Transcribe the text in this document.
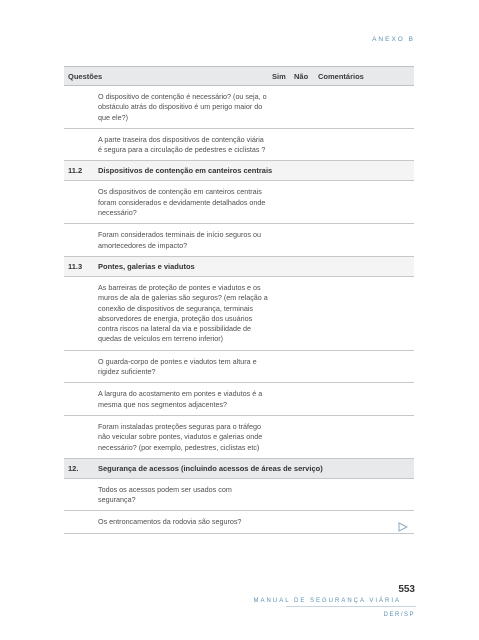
ANEXO B
Questões	Sim Não Comentários
O dispositivo de contenção é necessário? (ou seja, o obstáculo atrás do dispositivo é um perigo maior do que ele?)
A parte traseira dos dispositivos de contenção viária é segura para a circulação de pedestres e ciclistas ?
11.2 Dispositivos de contenção em canteiros centrais
Os dispositivos de contenção em canteiros centrais foram considerados e devidamente detalhados onde necessário?
Foram considerados terminais de início seguros ou amortecedores de impacto?
11.3 Pontes, galerias e viadutos
As barreiras de proteção de pontes e viadutos e os muros de ala de galerias são seguros? (em relação a conexão de dispositivos de segurança, terminais absorvedores de energia, proteção dos usuários contra riscos na lateral da via e possibilidade de quedas de veículos em terreno inferior)
O guarda-corpo de pontes e viadutos tem altura e rigidez suficiente?
A largura do acostamento em pontes e viadutos é a mesma que nos segmentos adjacentes?
Foram instaladas proteções seguras para o tráfego não veicular sobre pontes, viadutos e galerias onde necessário? (por exemplo, pedestres, ciclistas etc)
12.	Segurança de acessos (incluindo acessos de áreas de serviço)
Todos os acessos podem ser usados com segurança?
Os entroncamentos da rodovia são seguros?
553
MANUAL DE SEGURANÇA VIÁRIA
DER/SP
